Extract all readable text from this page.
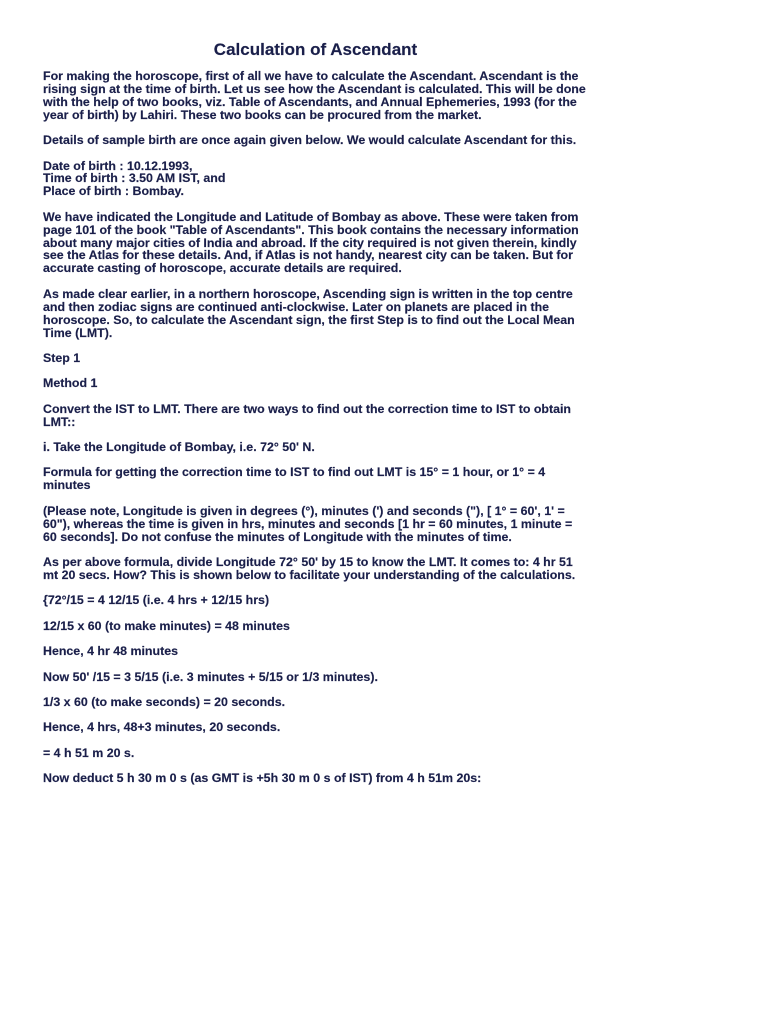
Calculation of Ascendant

For making the horoscope, first of all we have to calculate the Ascendant. Ascendant is the rising sign at the time of birth. Let us see how the Ascendant is calculated. This will be done with the help of two books, viz. Table of Ascendants, and Annual Ephemeries, 1993 (for the year of birth) by Lahiri. These two books can be procured from the market.

Details of sample birth are once again given below. We would calculate Ascendant for this.

Date of birth : 10.12.1993,
Time of birth : 3.50 AM IST, and
Place of birth : Bombay.

We have indicated the Longitude and Latitude of Bombay as above. These were taken from page 101 of the book "Table of Ascendants". This book contains the necessary information about many major cities of India and abroad. If the city required is not given therein, kindly see the Atlas for these details. And, if Atlas is not handy, nearest city can be taken. But for accurate casting of horoscope, accurate details are required.

As made clear earlier, in a northern horoscope, Ascending sign is written in the top centre and then zodiac signs are continued anti-clockwise. Later on planets are placed in the horoscope. So, to calculate the Ascendant sign, the first Step is to find out the Local Mean Time (LMT).

Step 1

Method 1

Convert the IST to LMT. There are two ways to find out the correction time to IST to obtain LMT::

i. Take the Longitude of Bombay, i.e. 72° 50' N.

Formula for getting the correction time to IST to find out LMT is 15° = 1 hour, or 1° = 4 minutes

(Please note, Longitude is given in degrees (°), minutes (') and seconds ("), [ 1° = 60', 1' = 60"), whereas the time is given in hrs, minutes and seconds [1 hr = 60 minutes, 1 minute = 60 seconds]. Do not confuse the minutes of Longitude with the minutes of time.

As per above formula, divide Longitude 72° 50' by 15 to know the LMT. It comes to: 4 hr 51 mt 20 secs. How? This is shown below to facilitate your understanding of the calculations.

{72°/15 = 4 12/15 (i.e. 4 hrs + 12/15 hrs)

12/15 x 60 (to make minutes) = 48 minutes

Hence, 4 hr 48 minutes

Now 50' /15 = 3 5/15 (i.e. 3 minutes + 5/15 or 1/3 minutes).

1/3 x 60 (to make seconds) = 20 seconds.

Hence, 4 hrs, 48+3 minutes, 20 seconds.

= 4 h 51 m 20 s.

Now deduct 5 h 30 m 0 s (as GMT is +5h 30 m 0 s of IST) from 4 h 51m 20s:
